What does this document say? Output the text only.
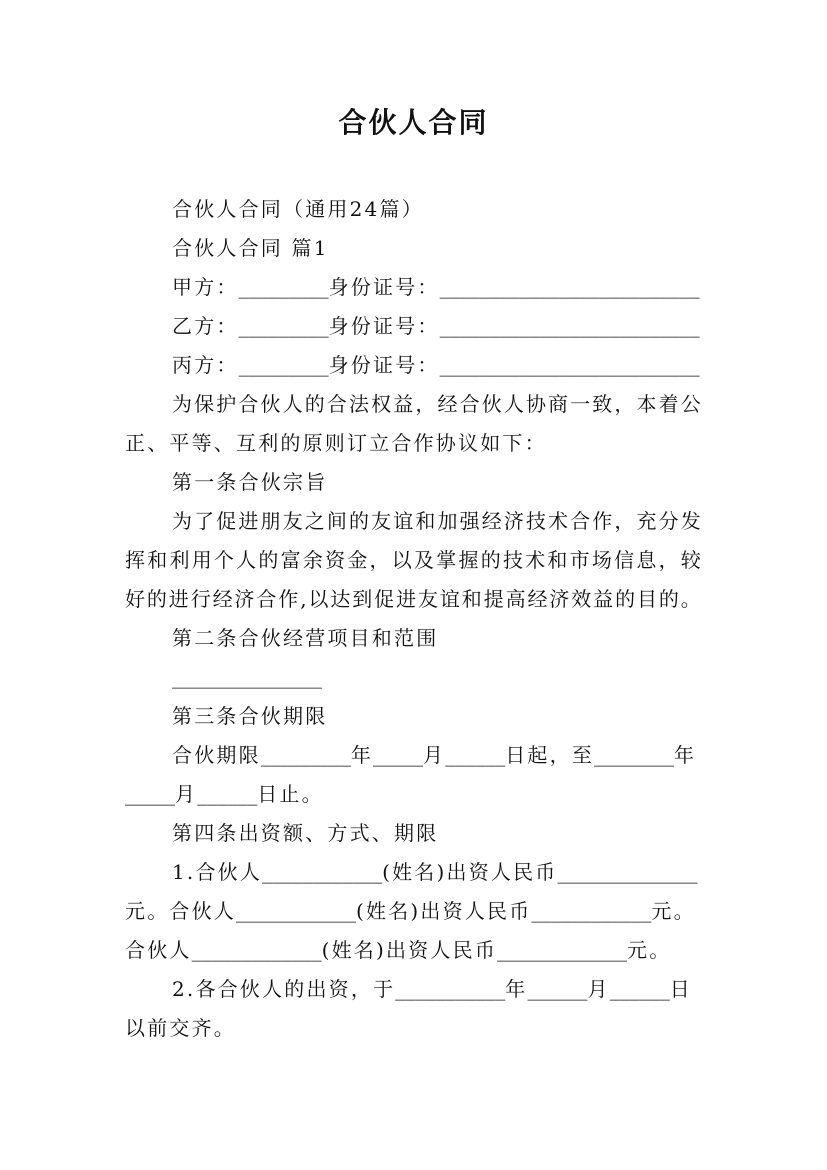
合伙人合同
合伙人合同（通用24篇）
合伙人合同 篇1
甲方：_________身份证号：__________________________
乙方：_________身份证号：__________________________
丙方：_________身份证号：__________________________
为保护合伙人的合法权益，经合伙人协商一致，本着公
正、平等、互利的原则订立合作协议如下：
第一条合伙宗旨
为了促进朋友之间的友谊和加强经济技术合作，充分发
挥和利用个人的富余资金，以及掌握的技术和市场信息，较
好的进行经济合作,以达到促进友谊和提高经济效益的目的。
第二条合伙经营项目和范围
_______________
第三条合伙期限
合伙期限_________年_____月______日起，至________年
_____月______日止。
第四条出资额、方式、期限
1.合伙人____________(姓名)出资人民币______________
元。合伙人____________(姓名)出资人民币____________元。
合伙人_____________(姓名)出资人民币_____________元。
2.各合伙人的出资，于___________年______月______日
以前交齐。
